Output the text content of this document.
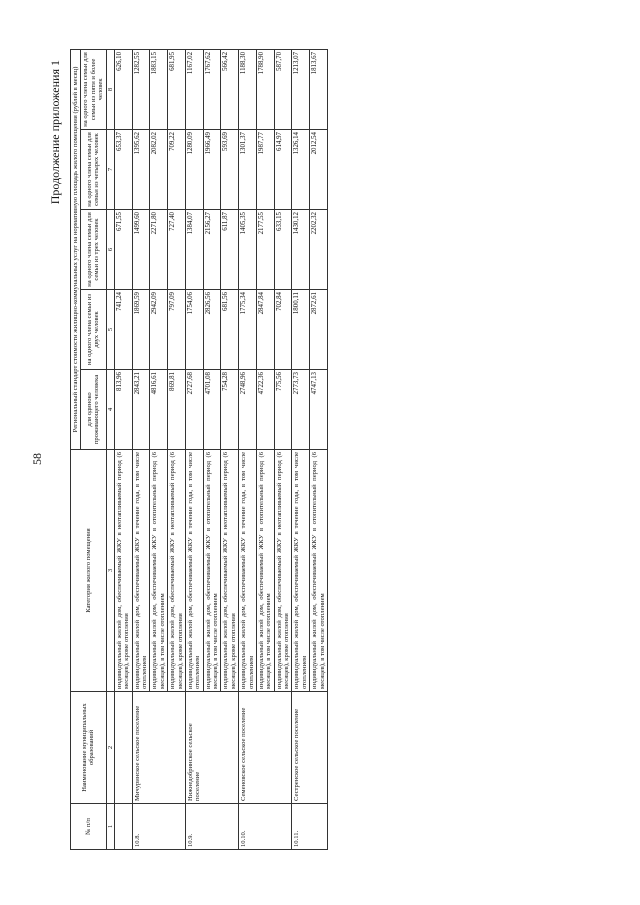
58
Продолжение приложения 1
№ п/п	Наименование муниципальных образований	Категория жилого помещения	Региональный стандарт стоимости жилищно-коммунальных услуг на нормативную площадь жилого помещения (рублей в месяц)				
			для одиноко проживающего человека	на одного члена семьи из двух человек	на одного члена семьи для семьи из трех человек	на одного члена семьи для семьи из четырех человек	на одного члена семьи для семьи из пяти и более человек
1	2	3	4	5	6	7	8
		индивидуальный жилой дом, обеспечиваемый ЖКУ в неотапливаемый период (6 месяцев), кроме отопления	813,96	741,24	671,55	653,37	626,10
10.8.	Мичуринское сельское поселение	индивидуальный жилой дом, обеспечиваемый ЖКУ в течение года, в том числе отоплением	2843,21	1869,59	1499,60	1395,62	1282,55
		индивидуальный жилой дом, обеспечиваемый ЖКУ в отопительный период (6 месяцев), в том числе отоплением	4816,61	2942,09	2271,80	2082,02	1883,15
		индивидуальный жилой дом, обеспечиваемый ЖКУ в неотапливаемый период (6 месяцев), кроме отопления	869,81	797,09	727,40	709,22	681,95
10.9.	Нижнедобринское сельское поселение	индивидуальный жилой дом, обеспечиваемый ЖКУ в течение года, в том числе отоплением	2727,68	1754,06	1384,07	1280,09	1167,02
		индивидуальный жилой дом, обеспечиваемый ЖКУ в отопительный период (6 месяцев), в том числе отоплением	4701,08	2826,56	2156,27	1966,49	1767,62
		индивидуальный жилой дом, обеспечиваемый ЖКУ в неотапливаемый период (6 месяцев), кроме отопления	754,28	681,56	611,87	593,69	566,42
10.10.	Семеновское сельское поселение	индивидуальный жилой дом, обеспечиваемый ЖКУ в течение года, в том числе отоплением	2748,96	1775,34	1405,35	1301,37	1188,30
		индивидуальный жилой дом, обеспечиваемый ЖКУ в отопительный период (6 месяцев), в том числе отоплением	4722,36	2847,84	2177,55	1987,77	1788,90
		индивидуальный жилой дом, обеспечиваемый ЖКУ в неотапливаемый период (6 месяцев), кроме отопления	775,56	702,84	633,15	614,97	587,70
10.11.	Сестренское сельское поселение	индивидуальный жилой дом, обеспечиваемый ЖКУ в течение года, в том числе отоплением	2773,73	1800,11	1430,12	1326,14	1213,07
		индивидуальный жилой дом, обеспечиваемый ЖКУ в отопительный период (6 месяцев), в том числе отоплением	4747,13	2872,61	2202,32	2012,54	1813,67
